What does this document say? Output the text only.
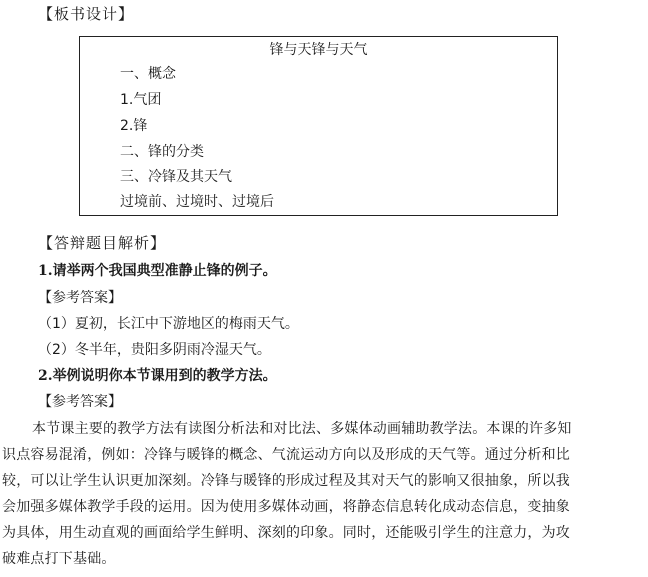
【板书设计】
锋与天锋与天气
一、概念
1.气团
2.锋
二、锋的分类
三、冷锋及其天气
过境前、过境时、过境后
【答辩题目解析】
1.请举两个我国典型准静止锋的例子。
【参考答案】
（1）夏初，长江中下游地区的梅雨天气。
（2）冬半年，贵阳多阴雨冷湿天气。
2.举例说明你本节课用到的教学方法。
【参考答案】
本节课主要的教学方法有读图分析法和对比法、多媒体动画辅助教学法。本课的许多知
识点容易混淆，例如：冷锋与暖锋的概念、气流运动方向以及形成的天气等。通过分析和比
较，可以让学生认识更加深刻。冷锋与暖锋的形成过程及其对天气的影响又很抽象，所以我
会加强多媒体教学手段的运用。因为使用多媒体动画，将静态信息转化成动态信息，变抽象
为具体，用生动直观的画面给学生鲜明、深刻的印象。同时，还能吸引学生的注意力，为攻
破难点打下基础。
